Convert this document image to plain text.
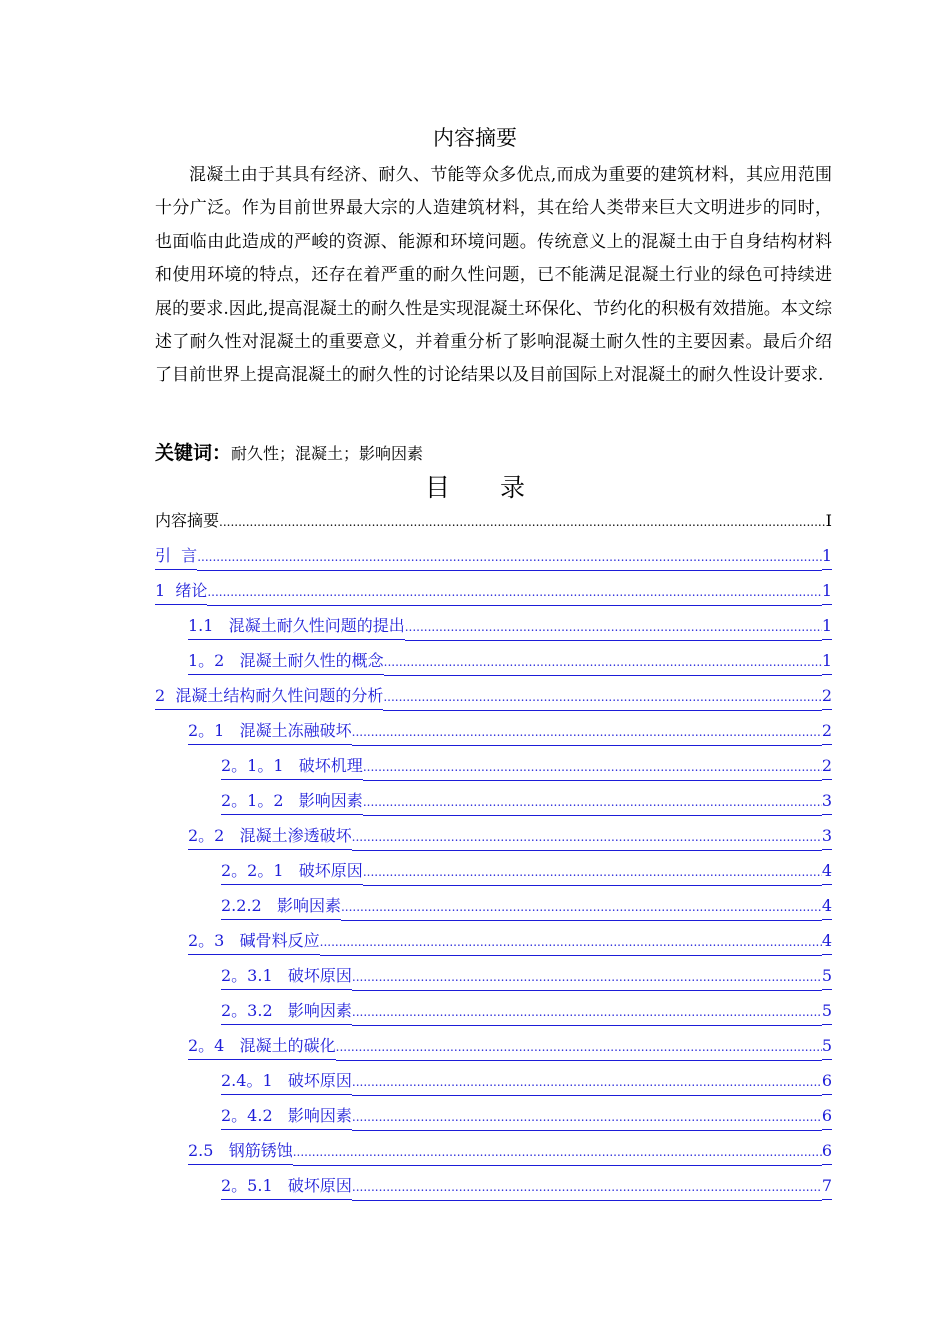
内容摘要

混凝土由于其具有经济、耐久、节能等众多优点,而成为重要的建筑材料，其应用范围十分广泛。作为目前世界最大宗的人造建筑材料，其在给人类带来巨大文明进步的同时，也面临由此造成的严峻的资源、能源和环境问题。传统意义上的混凝土由于自身结构材料和使用环境的特点，还存在着严重的耐久性问题，已不能满足混凝土行业的绿色可持续进展的要求.因此,提高混凝土的耐久性是实现混凝土环保化、节约化的积极有效措施。本文综述了耐久性对混凝土的重要意义，并着重分析了影响混凝土耐久性的主要因素。最后介绍了目前世界上提高混凝土的耐久性的讨论结果以及目前国际上对混凝土的耐久性设计要求.

关键词：耐久性；混凝土；影响因素
目录
内容摘要 .....	I
引  言 .....	1
1  绪论 .....	1
1.1   混凝土耐久性问题的提出 .....	1
1。2   混凝土耐久性的概念 .....	1
2  混凝土结构耐久性问题的分析 .....	2
2。1   混凝土冻融破坏 .....	2
2。1。1   破坏机理 .....	2
2。1。2   影响因素 .....	3
2。2   混凝土渗透破坏 .....	3
2。2。1   破坏原因 .....	4
2.2.2   影响因素 .....	4
2。3   碱骨料反应 .....	4
2。3.1   破坏原因 .....	5
2。3.2   影响因素 .....	5
2。4   混凝土的碳化 .....	5
2.4。1   破坏原因 .....	6
2。4.2   影响因素 .....	6
2.5   钢筋锈蚀 .....	6
2。5.1   破坏原因 .....	7
